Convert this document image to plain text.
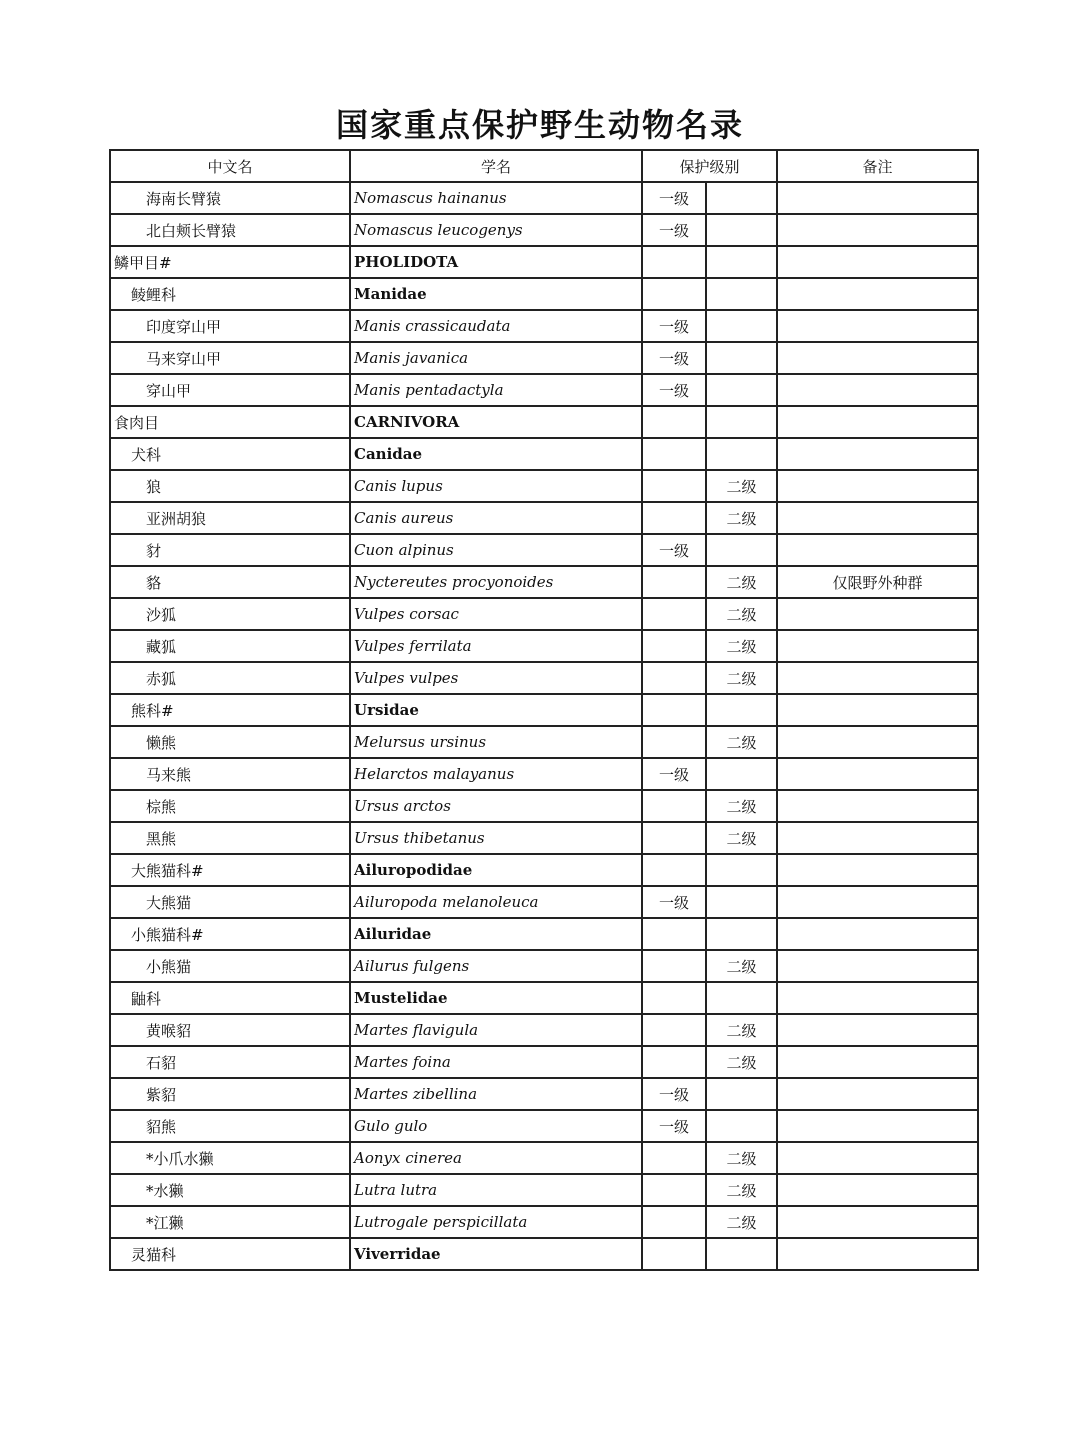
国家重点保护野生动物名录
中文名	学名	保护级别		备注
海南长臂猿	Nomascus hainanus	一级		
北白颊长臂猿	Nomascus leucogenys	一级		
鳞甲目#	PHOLIDOTA			
鲮鲤科	Manidae			
印度穿山甲	Manis crassicaudata	一级		
马来穿山甲	Manis javanica	一级		
穿山甲	Manis pentadactyla	一级		
食肉目	CARNIVORA			
犬科	Canidae			
狼	Canis lupus		二级	
亚洲胡狼	Canis aureus		二级	
豺	Cuon alpinus	一级		
貉	Nyctereutes procyonoides		二级	仅限野外种群
沙狐	Vulpes corsac		二级	
藏狐	Vulpes ferrilata		二级	
赤狐	Vulpes vulpes		二级	
熊科#	Ursidae			
懒熊	Melursus ursinus		二级	
马来熊	Helarctos malayanus	一级		
棕熊	Ursus arctos		二级	
黑熊	Ursus thibetanus		二级	
大熊猫科#	Ailuropodidae			
大熊猫	Ailuropoda melanoleuca	一级		
小熊猫科#	Ailuridae			
小熊猫	Ailurus fulgens		二级	
鼬科	Mustelidae			
黄喉貂	Martes flavigula		二级	
石貂	Martes foina		二级	
紫貂	Martes zibellina	一级		
貂熊	Gulo gulo	一级		
*小爪水獭	Aonyx cinerea		二级	
*水獭	Lutra lutra		二级	
*江獭	Lutrogale perspicillata		二级	
灵猫科	Viverridae			
